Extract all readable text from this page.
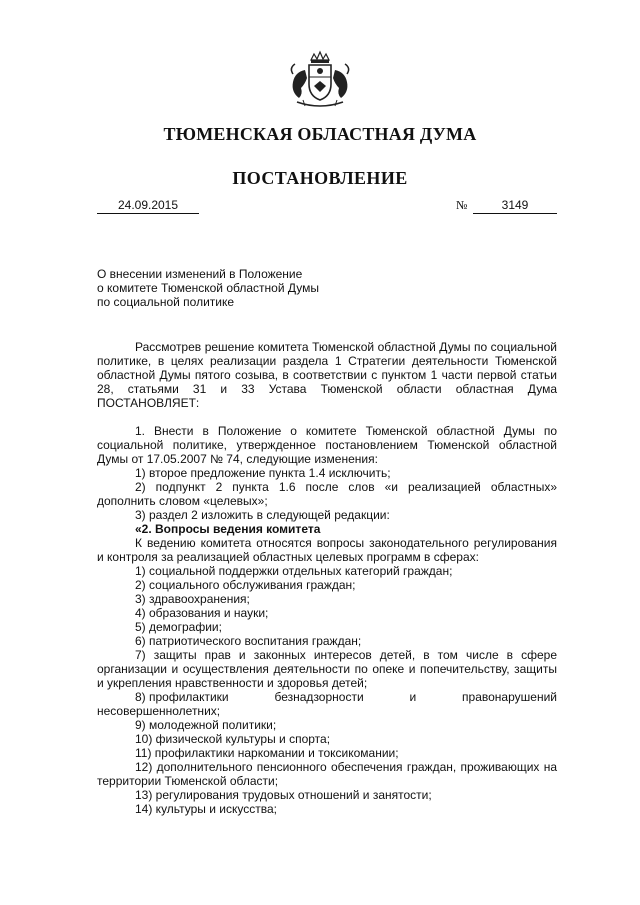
ТЮМЕНСКАЯ ОБЛАСТНАЯ ДУМА
ПОСТАНОВЛЕНИЕ
24.09.2015	№	3149
О внесении изменений в Положение
о комитете Тюменской областной Думы
по социальной политике

Рассмотрев решение комитета Тюменской областной Думы по социальной политике, в целях реализации раздела 1 Стратегии деятельности Тюменской областной Думы пятого созыва, в соответствии с пунктом 1 части первой статьи 28, статьями 31 и 33 Устава Тюменской области областная Дума ПОСТАНОВЛЯЕТ:

1. Внести в Положение о комитете Тюменской областной Думы по социальной политике, утвержденное постановлением Тюменской областной Думы от 17.05.2007 № 74, следующие изменения:

1) второе предложение пункта 1.4 исключить;

2) подпункт 2 пункта 1.6 после слов «и реализацией областных» дополнить словом «целевых»;

3) раздел 2 изложить в следующей редакции:

«2. Вопросы ведения комитета

К ведению комитета относятся вопросы законодательного регулирования и контроля за реализацией областных целевых программ в сферах:

1) социальной поддержки отдельных категорий граждан;

2) социального обслуживания граждан;

3) здравоохранения;

4) образования и науки;

5) демографии;

6) патриотического воспитания граждан;

7) защиты прав и законных интересов детей, в том числе в сфере организации и осуществления деятельности по опеке и попечительству, защиты и укрепления нравственности и здоровья детей;

8) профилактики	безнадзорности	и	правонарушений
несовершеннолетних;

9) молодежной политики;

10) физической культуры и спорта;

11) профилактики наркомании и токсикомании;

12) дополнительного пенсионного обеспечения граждан, проживающих на территории Тюменской области;

13) регулирования трудовых отношений и занятости;

14) культуры и искусства;
